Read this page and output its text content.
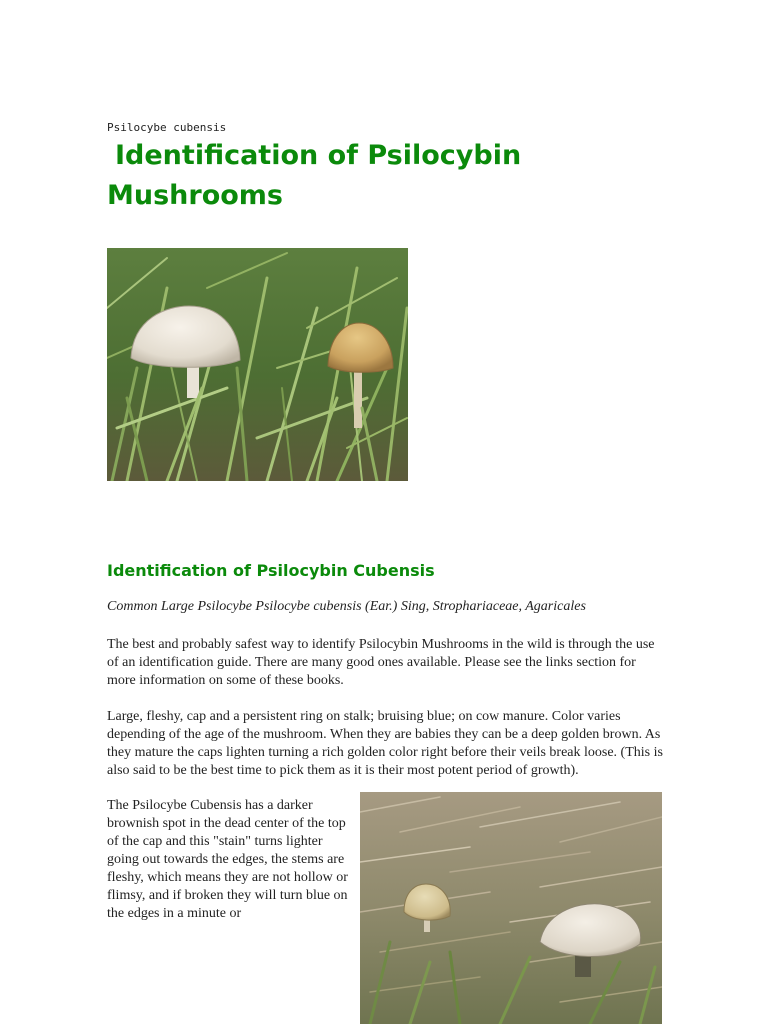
Psilocybe cubensis

Identification of Psilocybin
Mushrooms
Identification of Psilocybin Cubensis

Common Large Psilocybe Psilocybe cubensis (Ear.) Sing, Strophariaceae, Agaricales

The best and probably safest way to identify Psilocybin Mushrooms in the wild is through the use of an identification guide. There are many good ones available. Please see the links section for more information on some of these books.

Large, fleshy, cap and a persistent ring on stalk; bruising blue; on cow manure. Color varies depending of the age of the mushroom. When they are babies they can be a deep golden brown. As they mature the caps lighten turning a rich golden color right before their veils break loose. (This is also said to be the best time to pick them as it is their most potent period of growth).

The Psilocybe Cubensis has a darker brownish spot in the dead center of the top of the cap and this "stain" turns lighter going out towards the edges, the stems are fleshy, which means they are not hollow or flimsy, and if broken they will turn blue on the edges in a minute or
